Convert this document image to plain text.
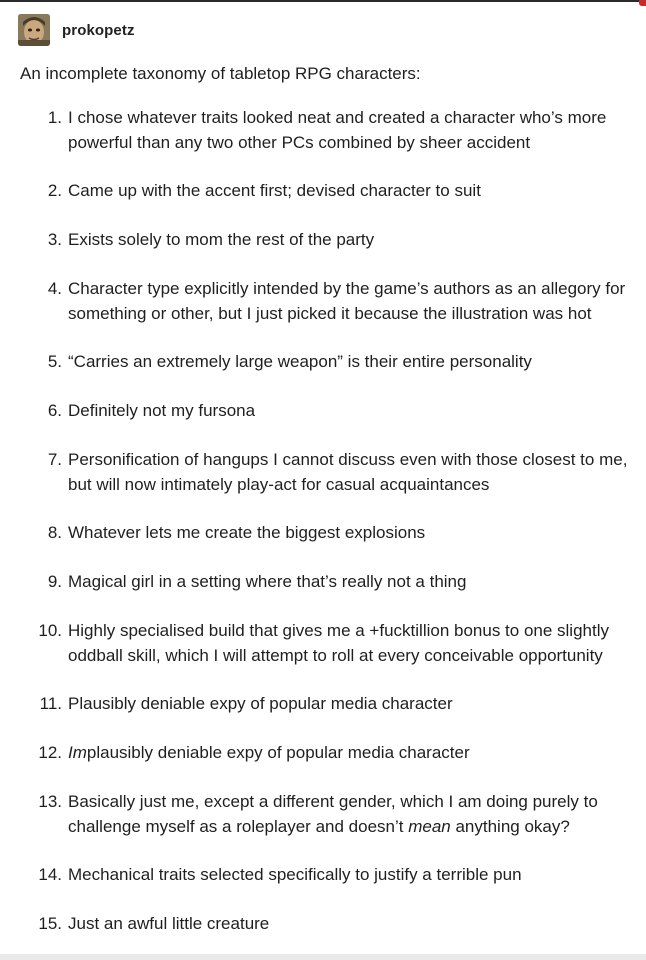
prokopetz
An incomplete taxonomy of tabletop RPG characters:
1. I chose whatever traits looked neat and created a character who’s more powerful than any two other PCs combined by sheer accident
2. Came up with the accent first; devised character to suit
3. Exists solely to mom the rest of the party
4. Character type explicitly intended by the game’s authors as an allegory for something or other, but I just picked it because the illustration was hot
5. “Carries an extremely large weapon” is their entire personality
6. Definitely not my fursona
7. Personification of hangups I cannot discuss even with those closest to me, but will now intimately play-act for casual acquaintances
8. Whatever lets me create the biggest explosions
9. Magical girl in a setting where that’s really not a thing
10. Highly specialised build that gives me a +fucktillion bonus to one slightly oddball skill, which I will attempt to roll at every conceivable opportunity
11. Plausibly deniable expy of popular media character
12. Implausibly deniable expy of popular media character
13. Basically just me, except a different gender, which I am doing purely to challenge myself as a roleplayer and doesn’t mean anything okay?
14. Mechanical traits selected specifically to justify a terrible pun
15. Just an awful little creature
